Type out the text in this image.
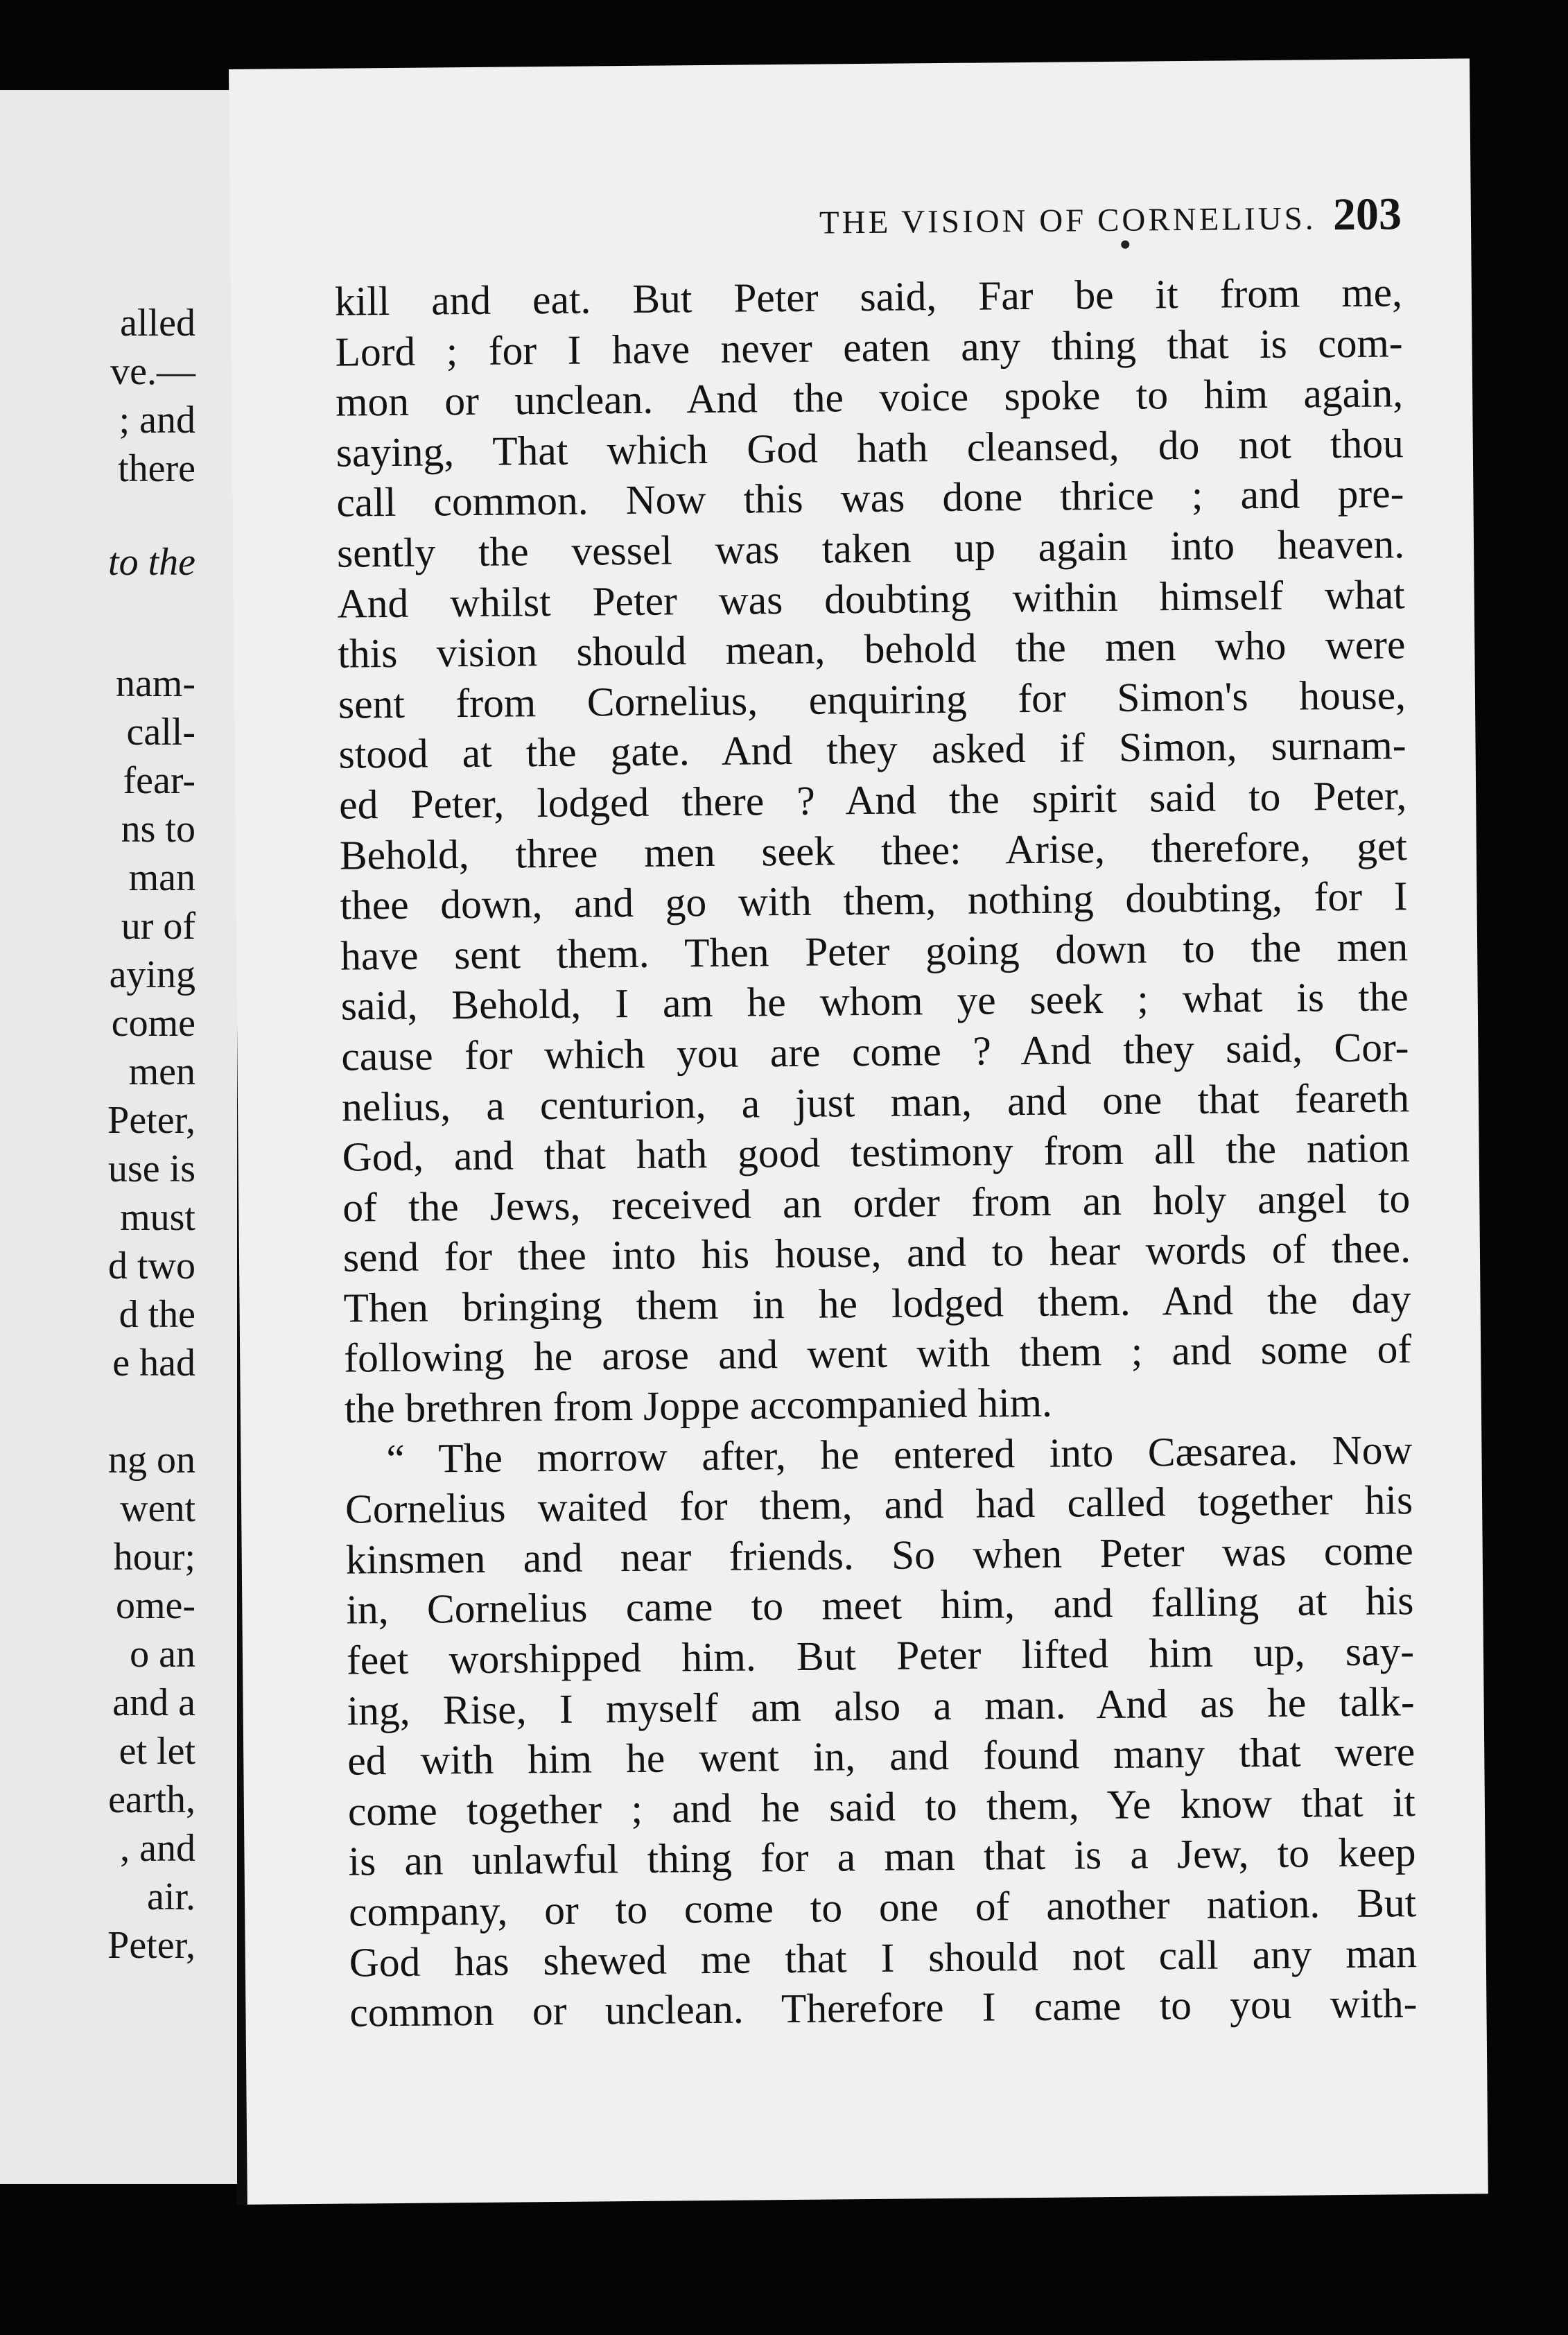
alled
ve.—
; and
there
to the
nam-
call-
fear-
ns to
man
ur of
aying
come
men
Peter,
use is
must
d two
d the
e had
ng on
went
hour;
ome-
o an
and a
et let
earth,
, and
air.
Peter,
THE VISION OF CORNELIUS. 203
kill and eat. But Peter said, Far be it from me,
Lord ; for I have never eaten any thing that is com-
mon or unclean. And the voice spoke to him again,
saying, That which God hath cleansed, do not thou
call common. Now this was done thrice ; and pre-
sently the vessel was taken up again into heaven.
And whilst Peter was doubting within himself what
this vision should mean, behold the men who were
sent from Cornelius, enquiring for Simon's house,
stood at the gate. And they asked if Simon, surnam-
ed Peter, lodged there ? And the spirit said to Peter,
Behold, three men seek thee: Arise, therefore, get
thee down, and go with them, nothing doubting, for I
have sent them. Then Peter going down to the men
said, Behold, I am he whom ye seek ; what is the
cause for which you are come ? And they said, Cor-
nelius, a centurion, a just man, and one that feareth
God, and that hath good testimony from all the nation
of the Jews, received an order from an holy angel to
send for thee into his house, and to hear words of thee.
Then bringing them in he lodged them. And the day
following he arose and went with them ; and some of
the brethren from Joppe accompanied him.
“ The morrow after, he entered into Cæsarea. Now
Cornelius waited for them, and had called together his
kinsmen and near friends. So when Peter was come
in, Cornelius came to meet him, and falling at his
feet worshipped him. But Peter lifted him up, say-
ing, Rise, I myself am also a man. And as he talk-
ed with him he went in, and found many that were
come together ; and he said to them, Ye know that it
is an unlawful thing for a man that is a Jew, to keep
company, or to come to one of another nation. But
God has shewed me that I should not call any man
common or unclean. Therefore I came to you with-
